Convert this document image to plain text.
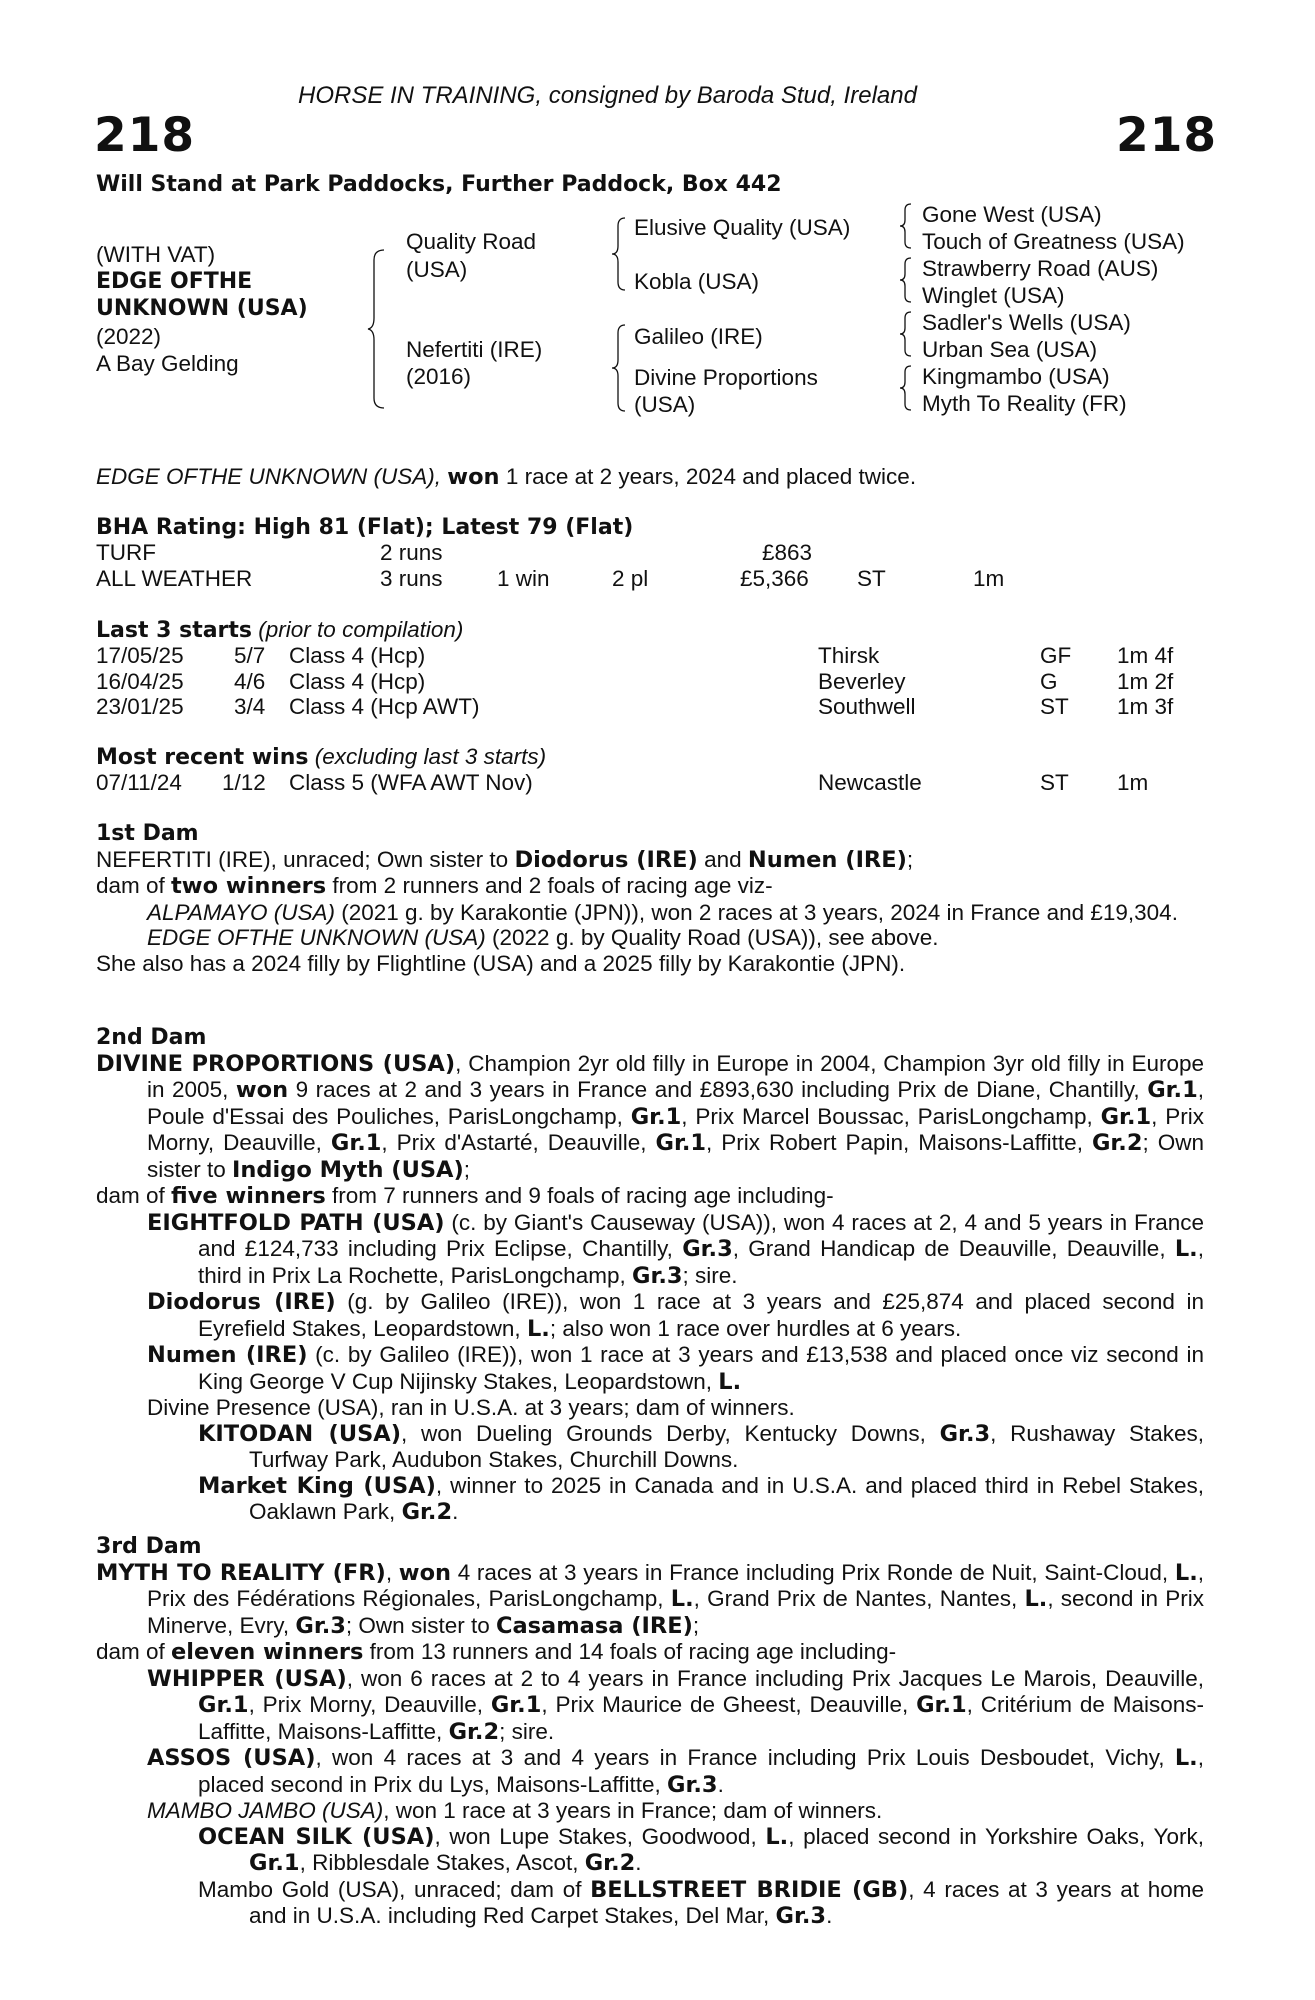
HORSE IN TRAINING, consigned by Baroda Stud, Ireland
218	218
Will Stand at Park Paddocks, Further Paddock, Box 442
(WITH VAT)
EDGE OFTHE
UNKNOWN (USA)
(2022)
A Bay Gelding
Quality Road
(USA)
Nefertiti (IRE)
(2016)
Elusive Quality (USA)
Kobla (USA)
Galileo (IRE)
Divine Proportions
(USA)
Gone West (USA)
Touch of Greatness (USA)
Strawberry Road (AUS)
Winglet (USA)
Sadler's Wells (USA)
Urban Sea (USA)
Kingmambo (USA)
Myth To Reality (FR)
EDGE OFTHE UNKNOWN (USA), won 1 race at 2 years, 2024 and placed twice.
BHA Rating: High 81 (Flat); Latest 79 (Flat)
TURF	2 runs	£863
ALL WEATHER	3 runs 1 win	2 pl	£5,366 ST	1m
Last 3 starts (prior to compilation)
17/05/25 5/7 Class 4 (Hcp)	Thirsk	GF 1m 4f
16/04/25 4/6 Class 4 (Hcp)	Beverley	G	1m 2f
23/01/25 3/4 Class 4 (Hcp AWT)	Southwell	ST 1m 3f
Most recent wins (excluding last 3 starts)
07/11/24 1/12 Class 5 (WFA AWT Nov)	Newcastle	ST 1m

1st Dam

NEFERTITI (IRE), unraced; Own sister to Diodorus (IRE) and Numen (IRE);

dam of two winners from 2 runners and 2 foals of racing age viz-

ALPAMAYO (USA) (2021 g. by Karakontie (JPN)), won 2 races at 3 years, 2024 in France and £19,304.

EDGE OFTHE UNKNOWN (USA) (2022 g. by Quality Road (USA)), see above.

She also has a 2024 filly by Flightline (USA) and a 2025 filly by Karakontie (JPN).

2nd Dam

DIVINE PROPORTIONS (USA), Champion 2yr old filly in Europe in 2004, Champion 3yr old filly in Europe in 2005, won 9 races at 2 and 3 years in France and £893,630 including Prix de Diane, Chantilly, Gr.1, Poule d'Essai des Pouliches, ParisLongchamp, Gr.1, Prix Marcel Boussac, ParisLongchamp, Gr.1, Prix Morny, Deauville, Gr.1, Prix d'Astarté, Deauville, Gr.1, Prix Robert Papin, Maisons-Laffitte, Gr.2; Own sister to Indigo Myth (USA);

dam of five winners from 7 runners and 9 foals of racing age including-

EIGHTFOLD PATH (USA) (c. by Giant's Causeway (USA)), won 4 races at 2, 4 and 5 years in France and £124,733 including Prix Eclipse, Chantilly, Gr.3, Grand Handicap de Deauville, Deauville, L., third in Prix La Rochette, ParisLongchamp, Gr.3; sire.

Diodorus (IRE) (g. by Galileo (IRE)), won 1 race at 3 years and £25,874 and placed second in Eyrefield Stakes, Leopardstown, L.; also won 1 race over hurdles at 6 years.

Numen (IRE) (c. by Galileo (IRE)), won 1 race at 3 years and £13,538 and placed once viz second in King George V Cup Nijinsky Stakes, Leopardstown, L.

Divine Presence (USA), ran in U.S.A. at 3 years; dam of winners.

KITODAN (USA), won Dueling Grounds Derby, Kentucky Downs, Gr.3, Rushaway Stakes, Turfway Park, Audubon Stakes, Churchill Downs.

Market King (USA), winner to 2025 in Canada and in U.S.A. and placed third in Rebel Stakes, Oaklawn Park, Gr.2.

3rd Dam

MYTH TO REALITY (FR), won 4 races at 3 years in France including Prix Ronde de Nuit, Saint-Cloud, L., Prix des Fédérations Régionales, ParisLongchamp, L., Grand Prix de Nantes, Nantes, L., second in Prix Minerve, Evry, Gr.3; Own sister to Casamasa (IRE);

dam of eleven winners from 13 runners and 14 foals of racing age including-

WHIPPER (USA), won 6 races at 2 to 4 years in France including Prix Jacques Le Marois, Deauville, Gr.1, Prix Morny, Deauville, Gr.1, Prix Maurice de Gheest, Deauville, Gr.1, Critérium de Maisons-Laffitte, Maisons-Laffitte, Gr.2; sire.

ASSOS (USA), won 4 races at 3 and 4 years in France including Prix Louis Desboudet, Vichy, L., placed second in Prix du Lys, Maisons-Laffitte, Gr.3.

MAMBO JAMBO (USA), won 1 race at 3 years in France; dam of winners.

OCEAN SILK (USA), won Lupe Stakes, Goodwood, L., placed second in Yorkshire Oaks, York, Gr.1, Ribblesdale Stakes, Ascot, Gr.2.

Mambo Gold (USA), unraced; dam of BELLSTREET BRIDIE (GB), 4 races at 3 years at home and in U.S.A. including Red Carpet Stakes, Del Mar, Gr.3.
